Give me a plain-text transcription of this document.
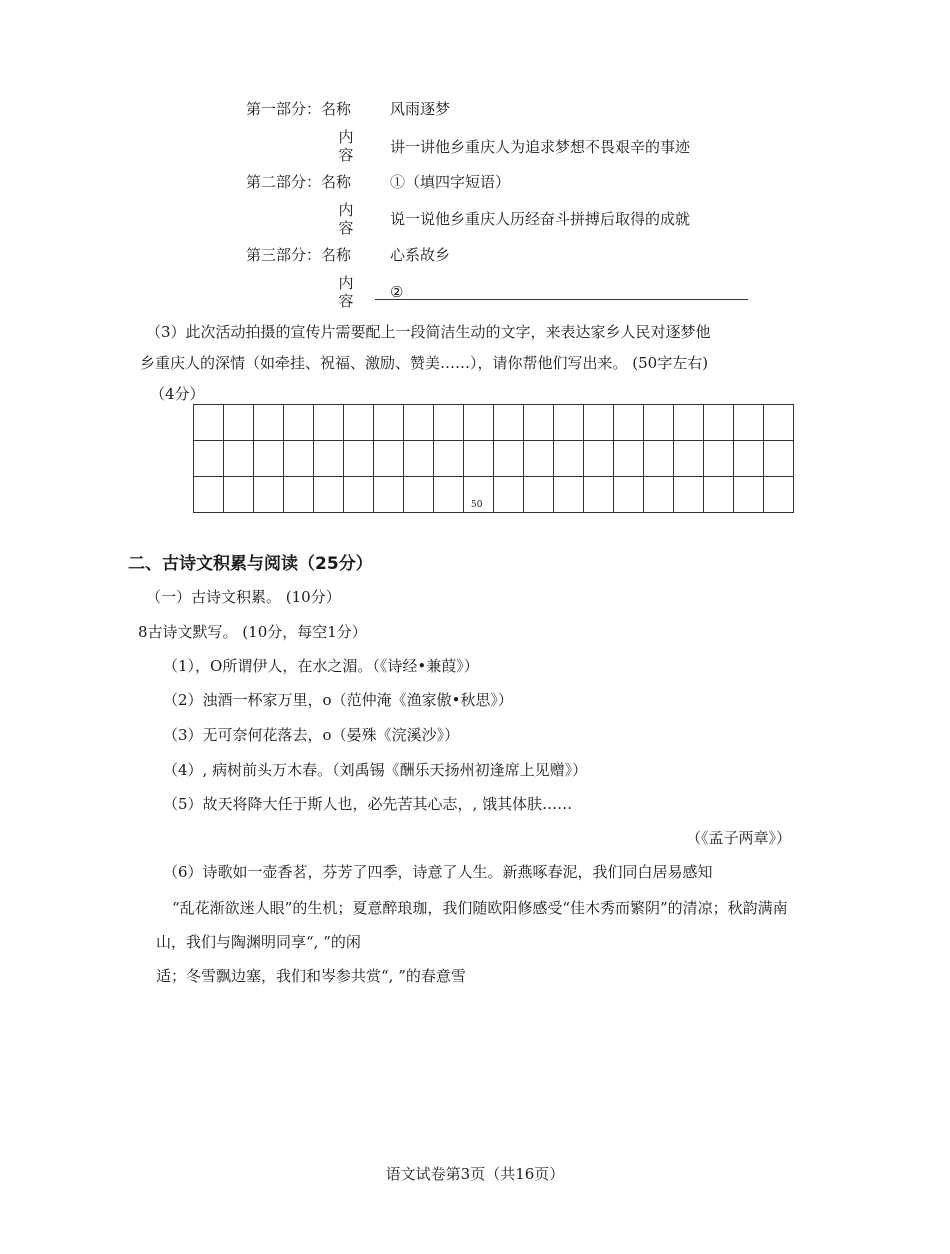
第一部分：名称	风雨逐梦
内
容 讲一讲他乡重庆人为追求梦想不畏艰辛的事迹
第二部分：名称	①（填四字短语）
内
容 说一说他乡重庆人历经奋斗拼搏后取得的成就
第三部分：名称	心系故乡
内
容 ②
（3）此次活动拍摄的宣传片需要配上一段简洁生动的文字，来表达家乡人民对逐梦他
乡重庆人的深情（如牵挂、祝福、激励、赞美……），请你帮他们写出来。 (50字左右)
（4分）
50
二、古诗文积累与阅读（25分）
（一）古诗文积累。 (10分）
8古诗文默写。 (10分，每空1分）
（1），O所谓伊人，在水之湄。（《诗经•兼葭》）
（2）浊酒一杯家万里，o（范仲淹《渔家傲•秋思》）
（3）无可奈何花落去，o（晏殊《浣溪沙》）
（4）, 病树前头万木春。（刘禹锡《酬乐天扬州初逢席上见赠》）
（5）故天将降大任于斯人也，必先苦其心志，, 饿其体肤……
（《孟子两章》）
（6）诗歌如一壶香茗，芬芳了四季，诗意了人生。新燕啄春泥，我们同白居易感知
“乱花渐欲迷人眼”的生机；夏意醉琅珈，我们随欧阳修感受“佳木秀而繁阴”的清凉；秋韵满南
山，我们与陶渊明同享“, ”的闲
适；冬雪飘边塞，我们和岑参共赏“, ”的春意雪
语文试卷第3页（共16页）
